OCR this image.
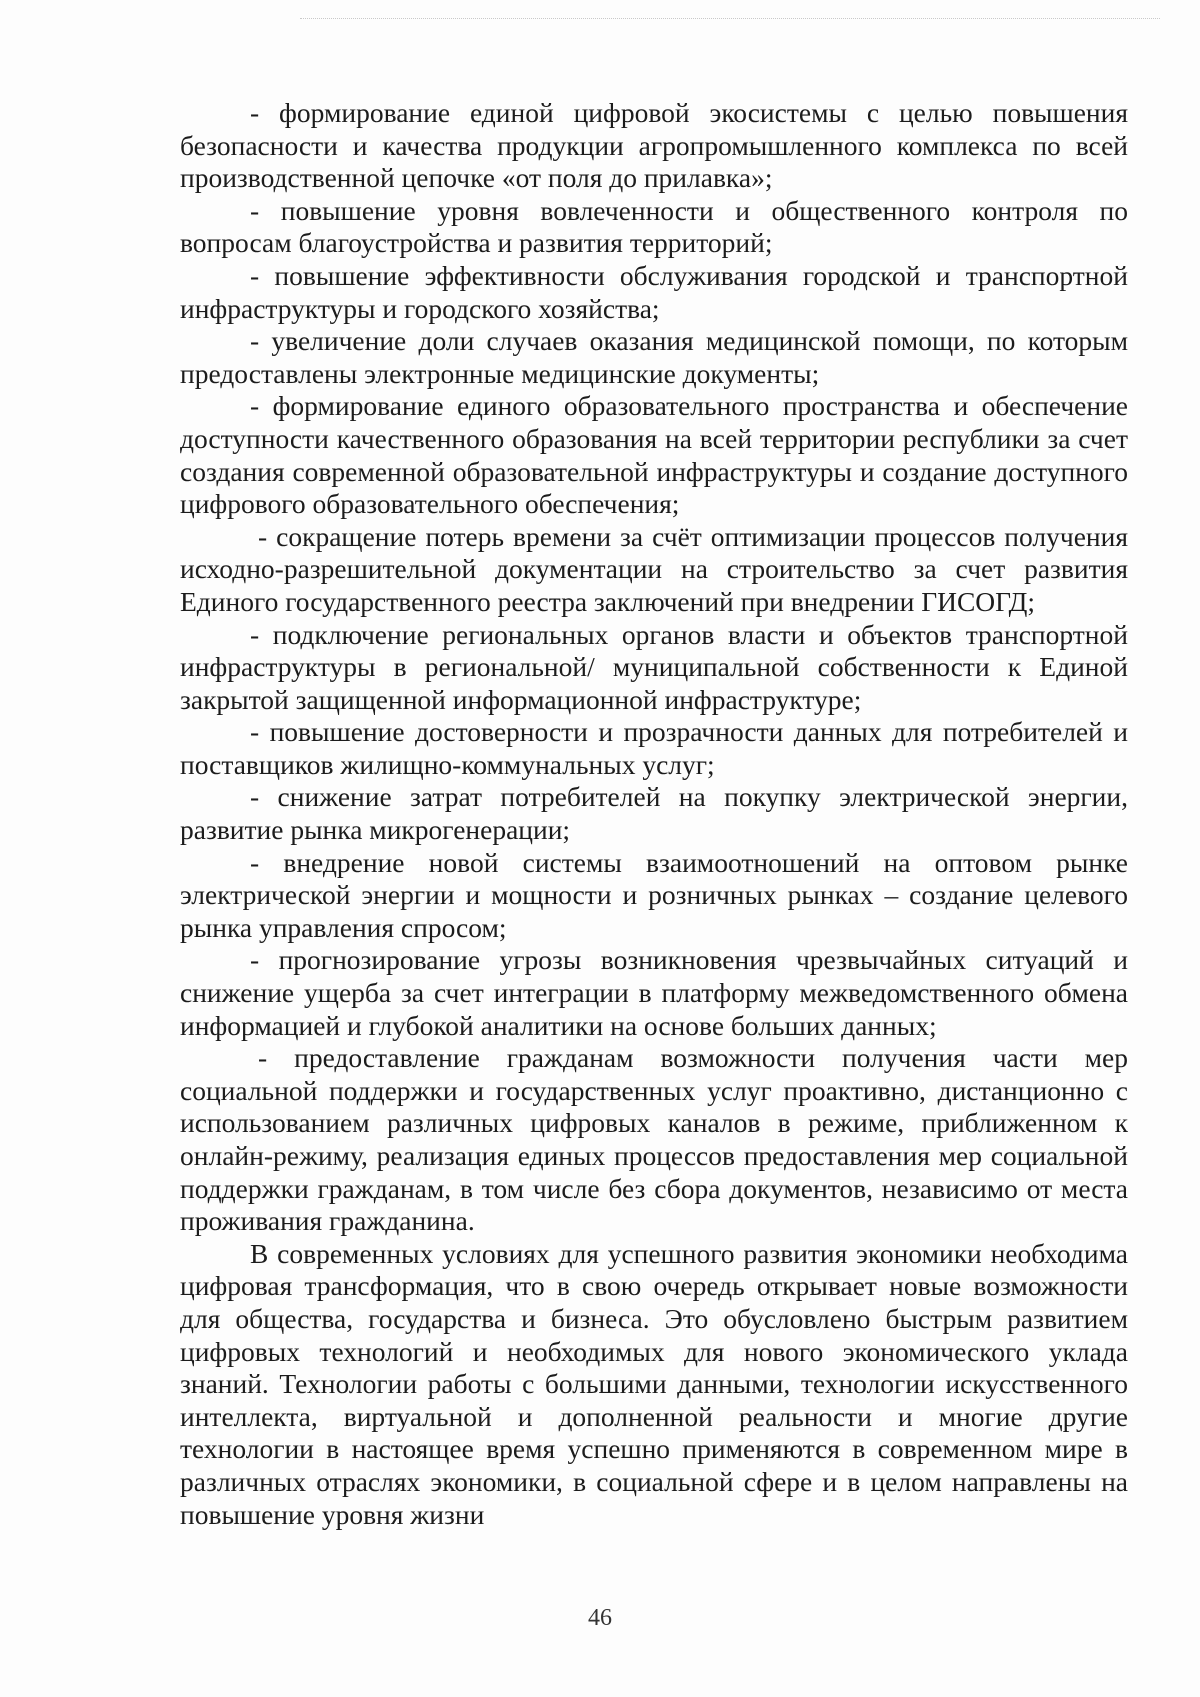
- формирование единой цифровой экосистемы с целью повышения безопасности и качества продукции агропромышленного комплекса по всей производственной цепочке «от поля до прилавка»;

- повышение уровня вовлеченности и общественного контроля по вопросам благоустройства и развития территорий;

- повышение эффективности обслуживания городской и транспортной инфраструктуры и городского хозяйства;

- увеличение доли случаев оказания медицинской помощи, по которым предоставлены электронные медицинские документы;

- формирование единого образовательного пространства и обеспечение доступности качественного образования на всей территории республики за счет создания современной образовательной инфраструктуры и создание доступного цифрового образовательного обеспечения;

- сокращение потерь времени за счёт оптимизации процессов получения исходно-разрешительной документации на строительство за счет развития Единого государственного реестра заключений при внедрении ГИСОГД;

- подключение региональных органов власти и объектов транспортной инфраструктуры в региональной/ муниципальной собственности к Единой закрытой защищенной информационной инфраструктуре;

- повышение достоверности и прозрачности данных для потребителей и поставщиков жилищно-коммунальных услуг;

- снижение затрат потребителей на покупку электрической энергии, развитие рынка микрогенерации;

- внедрение новой системы взаимоотношений на оптовом рынке электрической энергии и мощности и розничных рынках – создание целевого рынка управления спросом;

- прогнозирование угрозы возникновения чрезвычайных ситуаций и снижение ущерба за счет интеграции в платформу межведомственного обмена информацией и глубокой аналитики на основе больших данных;

- предоставление гражданам возможности получения части мер социальной поддержки и государственных услуг проактивно, дистанционно с использованием различных цифровых каналов в режиме, приближенном к онлайн-режиму, реализация единых процессов предоставления мер социальной поддержки гражданам, в том числе без сбора документов, независимо от места проживания гражданина.

В современных условиях для успешного развития экономики необходима цифровая трансформация, что в свою очередь открывает новые возможности для общества, государства и бизнеса. Это обусловлено быстрым развитием цифровых технологий и необходимых для нового экономического уклада знаний. Технологии работы с большими данными, технологии искусственного интеллекта, виртуальной и дополненной реальности и многие другие технологии в настоящее время успешно применяются в современном мире в различных отраслях экономики, в социальной сфере и в целом направлены на повышение уровня жизни

46
